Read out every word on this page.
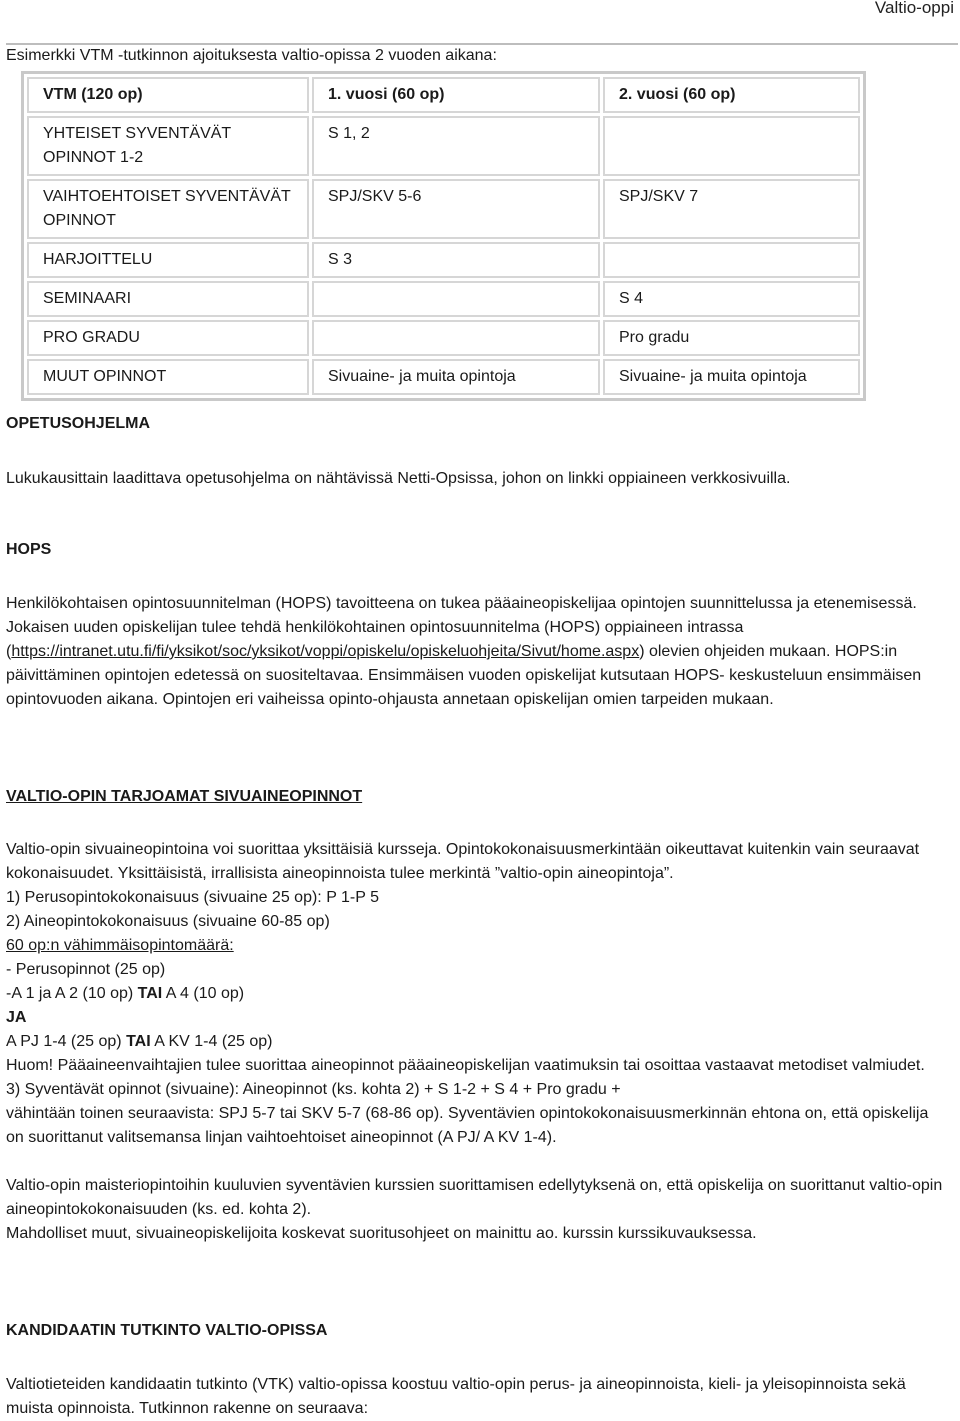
Valtio-oppi
Esimerkki VTM -tutkinnon ajoituksesta valtio-opissa 2 vuoden aikana:
VTM (120 op)	1. vuosi (60 op)	2. vuosi (60 op)
YHTEISET SYVENTÄVÄT OPINNOT 1-2	S 1, 2	
VAIHTOEHTOISET SYVENTÄVÄT OPINNOT	SPJ/SKV 5-6	SPJ/SKV 7
HARJOITTELU	S 3	
SEMINAARI		S 4
PRO GRADU		Pro gradu
MUUT OPINNOT	Sivuaine- ja muita opintoja	Sivuaine- ja muita opintoja
OPETUSOHJELMA
Lukukausittain laadittava opetusohjelma on nähtävissä Netti-Opsissa, johon on linkki oppiaineen verkkosivuilla.
HOPS
Henkilökohtaisen opintosuunnitelman (HOPS) tavoitteena on tukea pääaineopiskelijaa opintojen suunnittelussa ja etenemisessä. Jokaisen uuden opiskelijan tulee tehdä henkilökohtainen opintosuunnitelma (HOPS) oppiaineen intrassa (https://intranet.utu.fi/fi/yksikot/soc/yksikot/voppi/opiskelu/opiskeluohjeita/Sivut/home.aspx) olevien ohjeiden mukaan. HOPS:in päivittäminen opintojen edetessä on suositeltavaa. Ensimmäisen vuoden opiskelijat kutsutaan HOPS- keskusteluun ensimmäisen opintovuoden aikana. Opintojen eri vaiheissa opinto-ohjausta annetaan opiskelijan omien tarpeiden mukaan.
VALTIO-OPIN TARJOAMAT SIVUAINEOPINNOT
Valtio-opin sivuaineopintoina voi suorittaa yksittäisiä kursseja. Opintokokonaisuusmerkintään oikeuttavat kuitenkin vain seuraavat kokonaisuudet. Yksittäisistä, irrallisista aineopinnoista tulee merkintä ”valtio-opin aineopintoja”.
1) Perusopintokokonaisuus (sivuaine 25 op): P 1-P 5
2) Aineopintokokonaisuus (sivuaine 60-85 op)
60 op:n vähimmäisopintomäärä:
- Perusopinnot (25 op)
-A 1 ja A 2 (10 op) TAI A 4 (10 op)
JA
A PJ 1-4 (25 op) TAI A KV 1-4 (25 op)
Huom! Pääaineenvaihtajien tulee suorittaa aineopinnot pääaineopiskelijan vaatimuksin tai osoittaa vastaavat metodiset valmiudet.
3) Syventävät opinnot (sivuaine): Aineopinnot (ks. kohta 2) + S 1-2 + S 4 + Pro gradu +
vähintään toinen seuraavista: SPJ 5-7 tai SKV 5-7 (68-86 op). Syventävien opintokokonaisuusmerkinnän ehtona on, että opiskelija on suorittanut valitsemansa linjan vaihtoehtoiset aineopinnot (A PJ/ A KV 1-4).
Valtio-opin maisteriopintoihin kuuluvien syventävien kurssien suorittamisen edellytyksenä on, että opiskelija on suorittanut valtio-opin aineopintokokonaisuuden (ks. ed. kohta 2).
Mahdolliset muut, sivuaineopiskelijoita koskevat suoritusohjeet on mainittu ao. kurssin kurssikuvauksessa.
KANDIDAATIN TUTKINTO VALTIO-OPISSA
Valtiotieteiden kandidaatin tutkinto (VTK) valtio-opissa koostuu valtio-opin perus- ja aineopinnoista, kieli- ja yleisopinnoista sekä muista opinnoista. Tutkinnon rakenne on seuraava:
